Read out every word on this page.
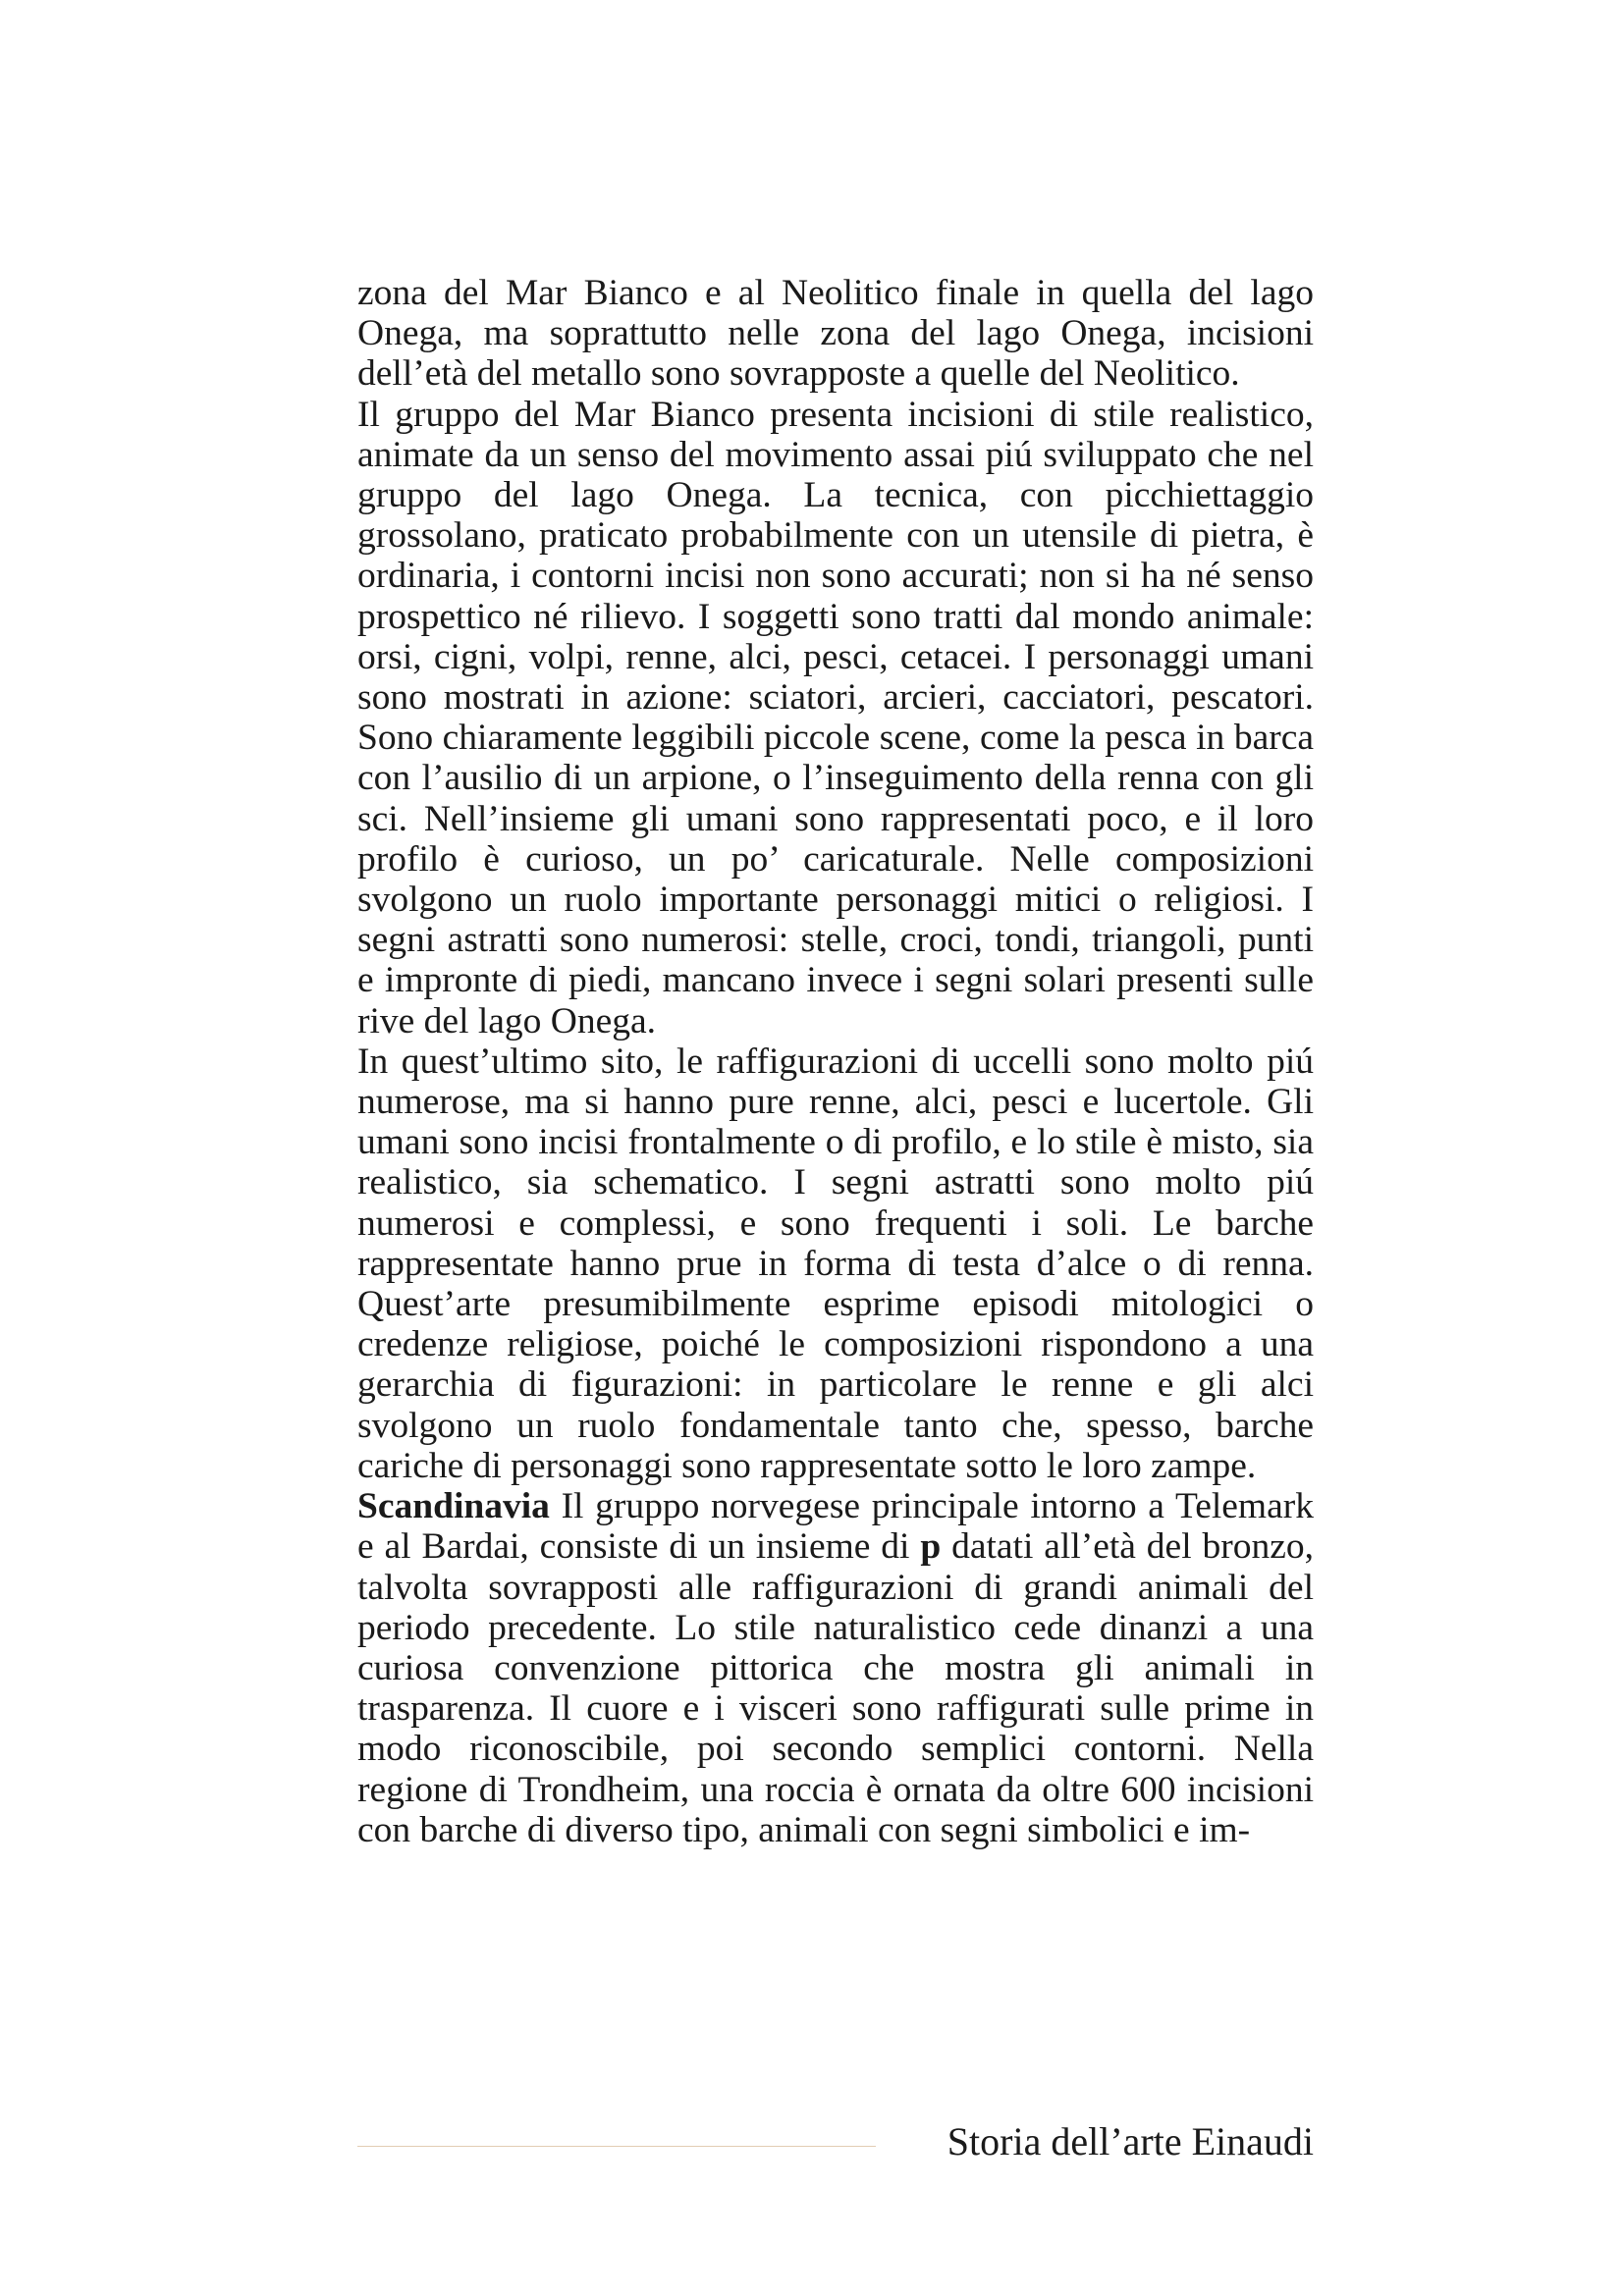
zona del Mar Bianco e al Neolitico finale in quella del lago Onega, ma soprattutto nelle zona del lago Onega, incisioni dell’età del metallo sono sovrapposte a quelle del Neolitico.

Il gruppo del Mar Bianco presenta incisioni di stile realistico, animate da un senso del movimento assai piú sviluppato che nel gruppo del lago Onega. La tecnica, con picchiettaggio grossolano, praticato probabilmente con un utensile di pietra, è ordinaria, i contorni incisi non sono accurati; non si ha né senso prospettico né rilievo. I soggetti sono tratti dal mondo animale: orsi, cigni, volpi, renne, alci, pesci, cetacei. I personaggi umani sono mostrati in azione: sciatori, arcieri, cacciatori, pescatori. Sono chiaramente leggibili piccole scene, come la pesca in barca con l’ausilio di un arpione, o l’inseguimento della renna con gli sci. Nell’insieme gli umani sono rappresentati poco, e il loro profilo è curioso, un po’ caricaturale. Nelle composizioni svolgono un ruolo importante personaggi mitici o religiosi. I segni astratti sono numerosi: stelle, croci, tondi, triangoli, punti e impronte di piedi, mancano invece i segni solari presenti sulle rive del lago Onega.

In quest’ultimo sito, le raffigurazioni di uccelli sono molto piú numerose, ma si hanno pure renne, alci, pesci e lucertole. Gli umani sono incisi frontalmente o di profilo, e lo stile è misto, sia realistico, sia schematico. I segni astratti sono molto piú numerosi e complessi, e sono frequenti i soli. Le barche rappresentate hanno prue in forma di testa d’alce o di renna. Quest’arte presumibilmente esprime episodi mitologici o credenze religiose, poiché le composizioni rispondono a una gerarchia di figurazioni: in particolare le renne e gli alci svolgono un ruolo fondamentale tanto che, spesso, barche cariche di personaggi sono rappresentate sotto le loro zampe.

Scandinavia Il gruppo norvegese principale intorno a Telemark e al Bardai, consiste di un insieme di p datati all’età del bronzo, talvolta sovrapposti alle raffigurazioni di grandi animali del periodo precedente. Lo stile naturalistico cede dinanzi a una curiosa convenzione pittorica che mostra gli animali in trasparenza. Il cuore e i visceri sono raffigurati sulle prime in modo riconoscibile, poi secondo semplici contorni. Nella regione di Trondheim, una roccia è ornata da oltre 600 incisioni con barche di diverso tipo, animali con segni simbolici e im-

Storia dell’arte Einaudi
